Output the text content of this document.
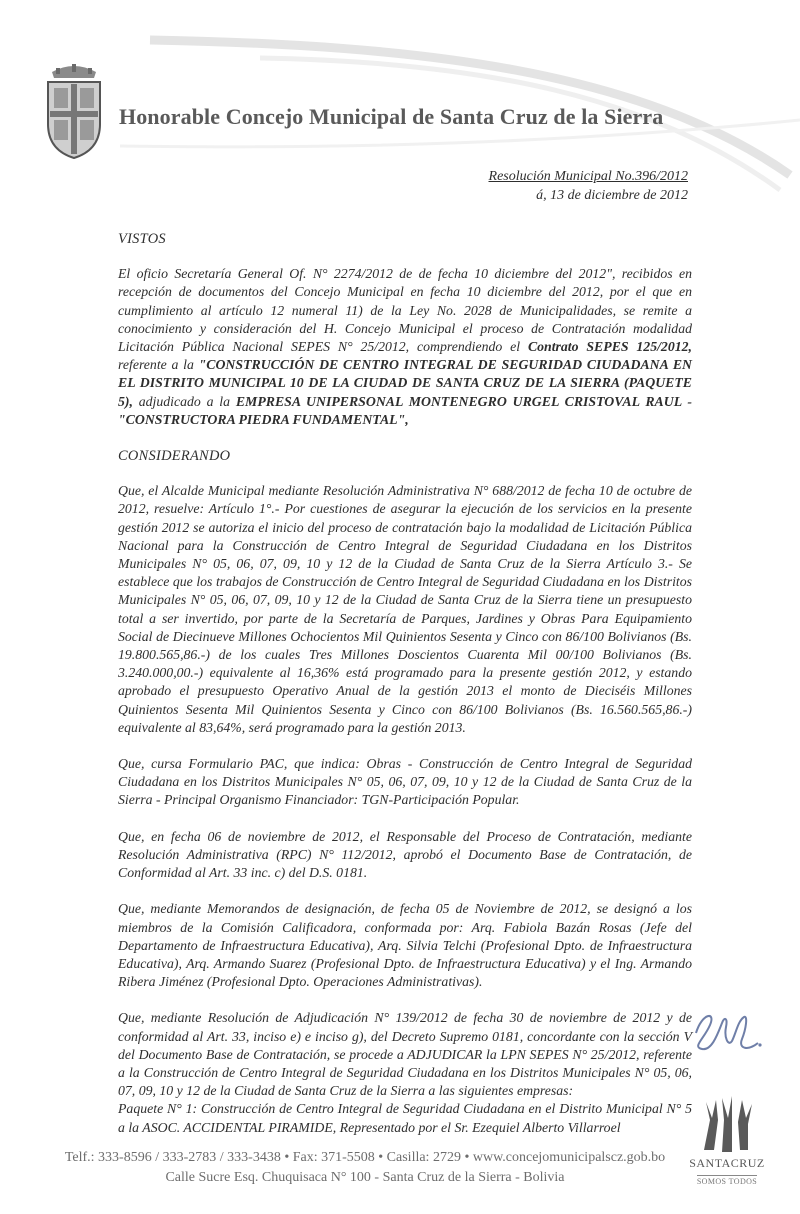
Honorable Concejo Municipal de Santa Cruz de la Sierra
Resolución Municipal No.396/2012
á, 13 de diciembre de 2012

VISTOS

El oficio Secretaría General Of. N° 2274/2012 de de fecha 10 diciembre del 2012", recibidos en recepción de documentos del Concejo Municipal en fecha 10 diciembre del 2012, por el que en cumplimiento al artículo 12 numeral 11) de la Ley No. 2028 de Municipalidades, se remite a conocimiento y consideración del H. Concejo Municipal el proceso de Contratación modalidad Licitación Pública Nacional SEPES N° 25/2012, comprendiendo el Contrato SEPES 125/2012, referente a la "CONSTRUCCIÓN DE CENTRO INTEGRAL DE SEGURIDAD CIUDADANA EN EL DISTRITO MUNICIPAL 10 DE LA CIUDAD DE SANTA CRUZ DE LA SIERRA (PAQUETE 5), adjudicado a la EMPRESA UNIPERSONAL MONTENEGRO URGEL CRISTOVAL RAUL - "CONSTRUCTORA PIEDRA FUNDAMENTAL",

CONSIDERANDO

Que, el Alcalde Municipal mediante Resolución Administrativa N° 688/2012 de fecha 10 de octubre de 2012, resuelve: Artículo 1°.- Por cuestiones de asegurar la ejecución de los servicios en la presente gestión 2012 se autoriza el inicio del proceso de contratación bajo la modalidad de Licitación Pública Nacional para la Construcción de Centro Integral de Seguridad Ciudadana en los Distritos Municipales N° 05, 06, 07, 09, 10 y 12 de la Ciudad de Santa Cruz de la Sierra Artículo 3.- Se establece que los trabajos de Construcción de Centro Integral de Seguridad Ciudadana en los Distritos Municipales N° 05, 06, 07, 09, 10 y 12 de la Ciudad de Santa Cruz de la Sierra tiene un presupuesto total a ser invertido, por parte de la Secretaría de Parques, Jardines y Obras Para Equipamiento Social de Diecinueve Millones Ochocientos Mil Quinientos Sesenta y Cinco con 86/100 Bolivianos (Bs. 19.800.565,86.-) de los cuales Tres Millones Doscientos Cuarenta Mil 00/100 Bolivianos (Bs. 3.240.000,00.-) equivalente al 16,36% está programado para la presente gestión 2012, y estando aprobado el presupuesto Operativo Anual de la gestión 2013 el monto de Dieciséis Millones Quinientos Sesenta Mil Quinientos Sesenta y Cinco con 86/100 Bolivianos (Bs. 16.560.565,86.-) equivalente al 83,64%, será programado para la gestión 2013.

Que, cursa Formulario PAC, que indica: Obras - Construcción de Centro Integral de Seguridad Ciudadana en los Distritos Municipales N° 05, 06, 07, 09, 10 y 12 de la Ciudad de Santa Cruz de la Sierra - Principal Organismo Financiador: TGN-Participación Popular.

Que, en fecha 06 de noviembre de 2012, el Responsable del Proceso de Contratación, mediante Resolución Administrativa (RPC) N° 112/2012, aprobó el Documento Base de Contratación, de Conformidad al Art. 33 inc. c) del D.S. 0181.

Que, mediante Memorandos de designación, de fecha 05 de Noviembre de 2012, se designó a los miembros de la Comisión Calificadora, conformada por: Arq. Fabiola Bazán Rosas (Jefe del Departamento de Infraestructura Educativa), Arq. Silvia Telchi (Profesional Dpto. de Infraestructura Educativa), Arq. Armando Suarez (Profesional Dpto. de Infraestructura Educativa) y el Ing. Armando Ribera Jiménez (Profesional Dpto. Operaciones Administrativas).

Que, mediante Resolución de Adjudicación N° 139/2012 de fecha 30 de noviembre de 2012 y de conformidad al Art. 33, inciso e) e inciso g), del Decreto Supremo 0181, concordante con la sección V del Documento Base de Contratación, se procede a ADJUDICAR la LPN SEPES N° 25/2012, referente a la Construcción de Centro Integral de Seguridad Ciudadana en los Distritos Municipales N° 05, 06, 07, 09, 10 y 12 de la Ciudad de Santa Cruz de la Sierra a las siguientes empresas:

Paquete N° 1: Construcción de Centro Integral de Seguridad Ciudadana en el Distrito Municipal N° 5 a la ASOC. ACCIDENTAL PIRAMIDE, Representado por el Sr. Ezequiel Alberto Villarroel

Telf.: 333-8596 / 333-2783 / 333-3438 • Fax: 371-5508 • Casilla: 2729 • www.concejomunicipalscz.gob.bo
Calle Sucre Esq. Chuquisaca N° 100 - Santa Cruz de la Sierra - Bolivia
SANTACRUZ
SOMOS TODOS
